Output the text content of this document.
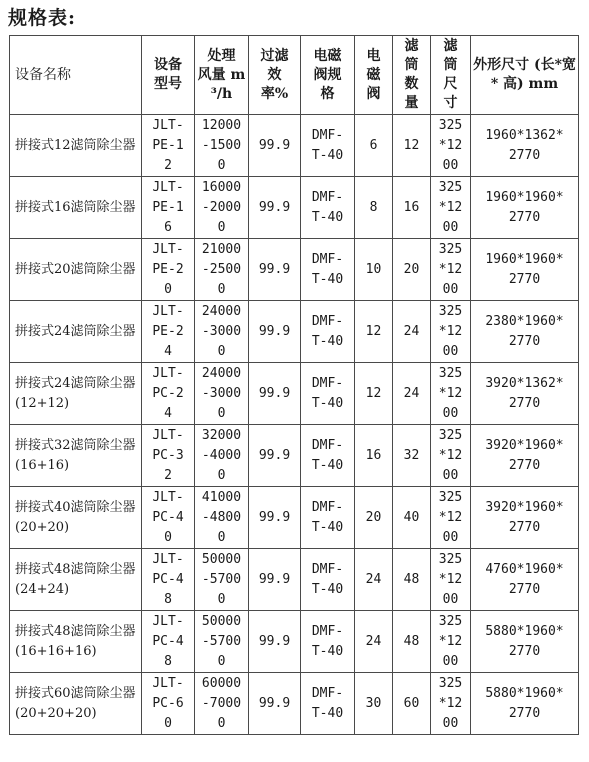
规格表:
设备名称	设备
型号	处理
风量 m
³/h	过滤
效
率%	电磁
阀规
格	电
磁
阀	滤
筒
数
量	滤
筒
尺
寸	外形尺寸 (长*宽* 高) mm
拼接式12滤筒除尘器	JLT-
PE-1
2	12000
-1500
0	99.9	DMF-
T-40	6	12	325
*12
00	1960*1362*
2770
拼接式16滤筒除尘器	JLT-
PE-1
6	16000
-2000
0	99.9	DMF-
T-40	8	16	325
*12
00	1960*1960*
2770
拼接式20滤筒除尘器	JLT-
PE-2
0	21000
-2500
0	99.9	DMF-
T-40	10	20	325
*12
00	1960*1960*
2770
拼接式24滤筒除尘器	JLT-
PE-2
4	24000
-3000
0	99.9	DMF-
T-40	12	24	325
*12
00	2380*1960*
2770
拼接式24滤筒除尘器(12+12)	JLT-
PC-2
4	24000
-3000
0	99.9	DMF-
T-40	12	24	325
*12
00	3920*1362*
2770
拼接式32滤筒除尘器(16+16)	JLT-
PC-3
2	32000
-4000
0	99.9	DMF-
T-40	16	32	325
*12
00	3920*1960*
2770
拼接式40滤筒除尘器(20+20)	JLT-
PC-4
0	41000
-4800
0	99.9	DMF-
T-40	20	40	325
*12
00	3920*1960*
2770
拼接式48滤筒除尘器(24+24)	JLT-
PC-4
8	50000
-5700
0	99.9	DMF-
T-40	24	48	325
*12
00	4760*1960*
2770
拼接式48滤筒除尘器(16+16+16)	JLT-
PC-4
8	50000
-5700
0	99.9	DMF-
T-40	24	48	325
*12
00	5880*1960*
2770
拼接式60滤筒除尘器(20+20+20)	JLT-
PC-6
0	60000
-7000
0	99.9	DMF-
T-40	30	60	325
*12
00	5880*1960*
2770
